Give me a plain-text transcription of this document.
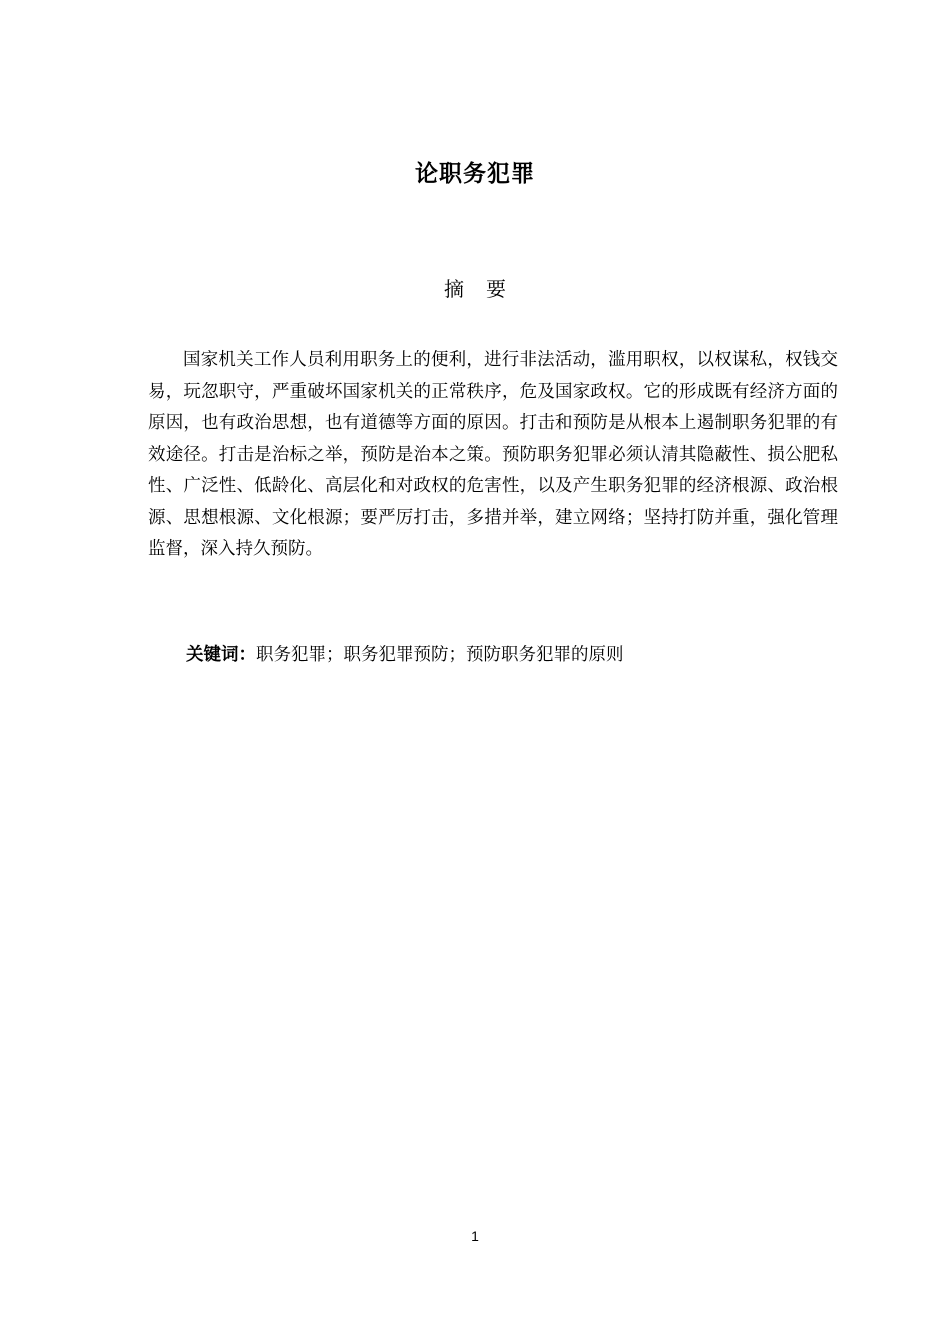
论职务犯罪
摘要

国家机关工作人员利用职务上的便利，进行非法活动，滥用职权，以权谋私，权钱交易，玩忽职守，严重破坏国家机关的正常秩序，危及国家政权。它的形成既有经济方面的原因，也有政治思想，也有道德等方面的原因。打击和预防是从根本上遏制职务犯罪的有效途径。打击是治标之举，预防是治本之策。预防职务犯罪必须认清其隐蔽性、损公肥私性、广泛性、低龄化、高层化和对政权的危害性，以及产生职务犯罪的经济根源、政治根源、思想根源、文化根源；要严厉打击，多措并举，建立网络；坚持打防并重，强化管理监督，深入持久预防。

关键词：职务犯罪；职务犯罪预防；预防职务犯罪的原则

1
